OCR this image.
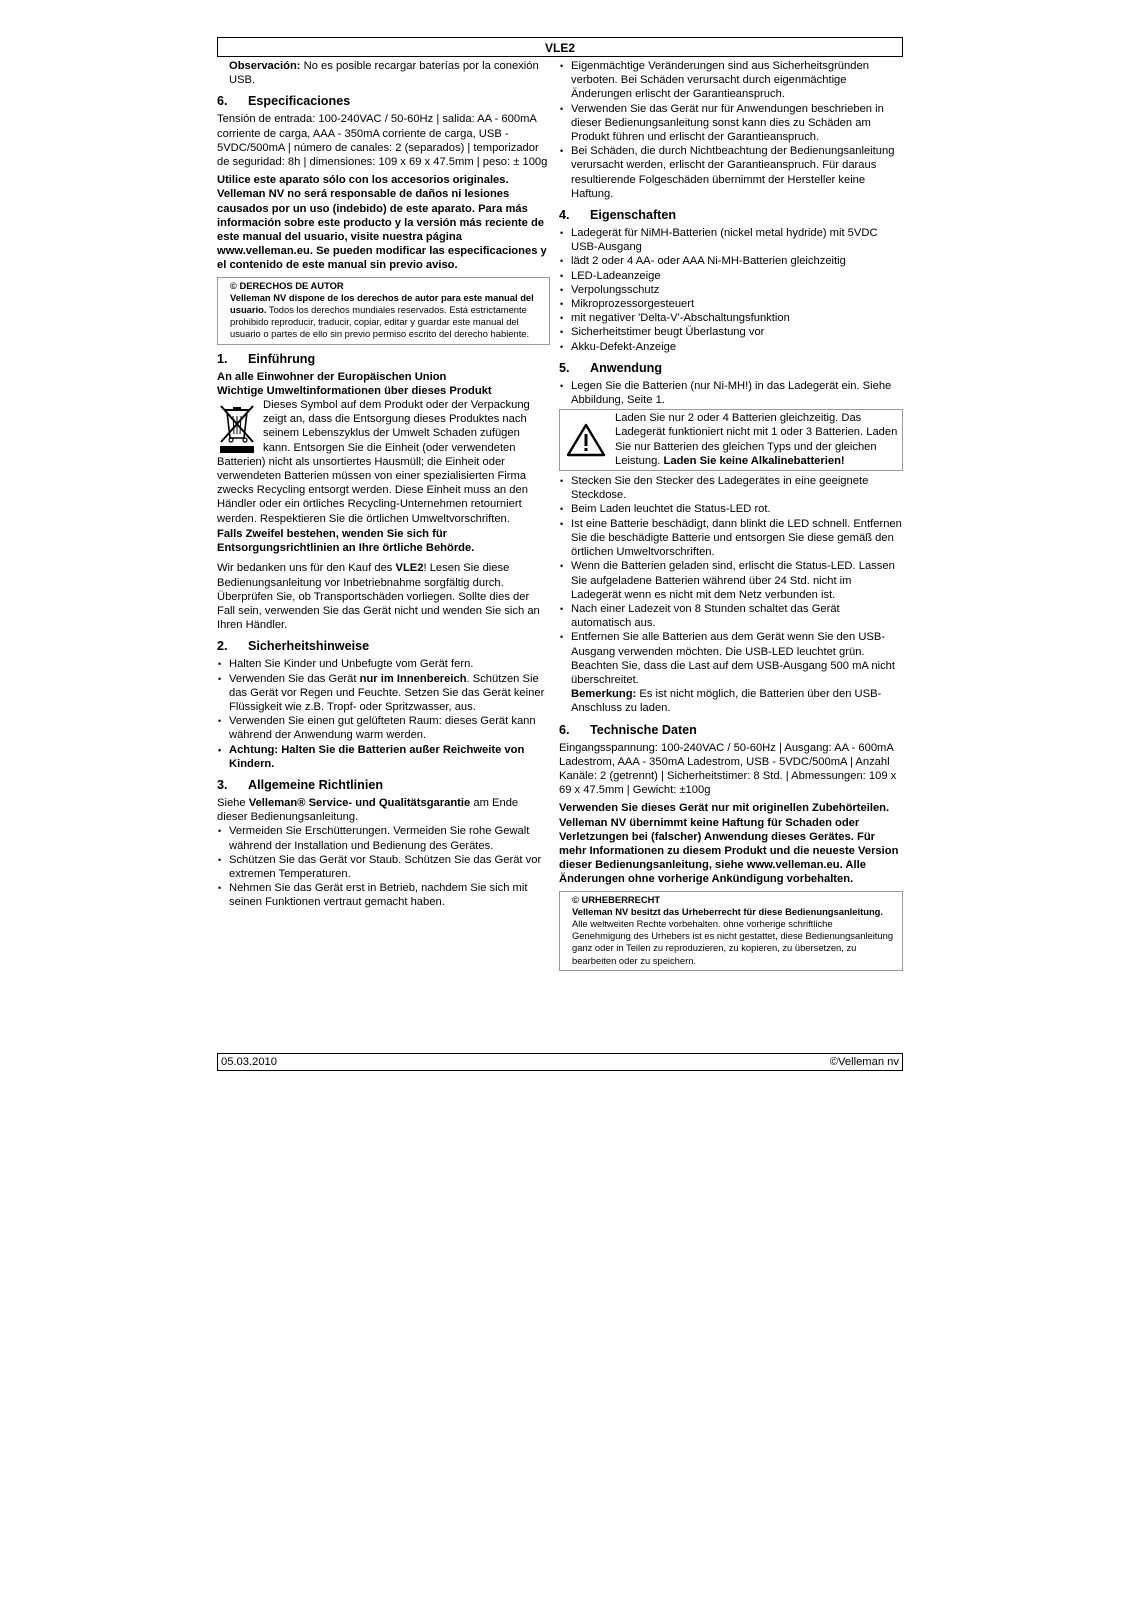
VLE2

Observación: No es posible recargar baterías por la conexión USB.

6. Especificaciones

Tensión de entrada: 100-240VAC / 50-60Hz | salida: AA - 600mA corriente de carga, AAA - 350mA corriente de carga, USB - 5VDC/500mA | número de canales: 2 (separados) | temporizador de seguridad: 8h | dimensiones: 109 x 69 x 47.5mm | peso: ± 100g

Utilice este aparato sólo con los accesorios originales. Velleman NV no será responsable de daños ni lesiones causados por un uso (indebido) de este aparato. Para más información sobre este producto y la versión más reciente de este manual del usuario, visite nuestra página www.velleman.eu. Se pueden modificar las especificaciones y el contenido de este manual sin previo aviso.

© DERECHOS DE AUTOR
Velleman NV dispone de los derechos de autor para este manual del usuario. Todos los derechos mundiales reservados. Está estrictamente prohibido reproducir, traducir, copiar, editar y guardar este manual del usuario o partes de ello sin previo permiso escrito del derecho habiente.
1. Einführung
An alle Einwohner der Europäischen Union
Wichtige Umweltinformationen über dieses Produkt
Dieses Symbol auf dem Produkt oder der Verpackung zeigt an, dass die Entsorgung dieses Produktes nach seinem Lebenszyklus der Umwelt Schaden zufügen kann. Entsorgen Sie die Einheit (oder verwendeten Batterien) nicht als unsortiertes Hausmüll; die Einheit oder verwendeten Batterien müssen von einer spezialisierten Firma zwecks Recycling entsorgt werden. Diese Einheit muss an den Händler oder ein örtliches Recycling-Unternehmen retourniert werden. Respektieren Sie die örtlichen Umweltvorschriften.

Falls Zweifel bestehen, wenden Sie sich für Entsorgungsrichtlinien an Ihre örtliche Behörde.

Wir bedanken uns für den Kauf des VLE2! Lesen Sie diese Bedienungsanleitung vor Inbetriebnahme sorgfältig durch. Überprüfen Sie, ob Transportschäden vorliegen. Sollte dies der Fall sein, verwenden Sie das Gerät nicht und wenden Sie sich an Ihren Händler.

2. Sicherheitshinweise
• Halten Sie Kinder und Unbefugte vom Gerät fern.
• Verwenden Sie das Gerät nur im Innenbereich. Schützen Sie das Gerät vor Regen und Feuchte. Setzen Sie das Gerät keiner Flüssigkeit wie z.B. Tropf- oder Spritzwasser, aus.
• Verwenden Sie einen gut gelüfteten Raum: dieses Gerät kann während der Anwendung warm werden.
• Achtung: Halten Sie die Batterien außer Reichweite von Kindern.
3. Allgemeine Richtlinien

Siehe Velleman® Service- und Qualitätsgarantie am Ende dieser Bedienungsanleitung.

• Vermeiden Sie Erschütterungen. Vermeiden Sie rohe Gewalt während der Installation und Bedienung des Gerätes.
• Schützen Sie das Gerät vor Staub. Schützen Sie das Gerät vor extremen Temperaturen.
• Nehmen Sie das Gerät erst in Betrieb, nachdem Sie sich mit seinen Funktionen vertraut gemacht haben.
• Eigenmächtige Veränderungen sind aus Sicherheitsgründen verboten. Bei Schäden verursacht durch eigenmächtige Änderungen erlischt der Garantieanspruch.
• Verwenden Sie das Gerät nur für Anwendungen beschrieben in dieser Bedienungsanleitung sonst kann dies zu Schäden am Produkt führen und erlischt der Garantieanspruch.
• Bei Schäden, die durch Nichtbeachtung der Bedienungsanleitung verursacht werden, erlischt der Garantieanspruch. Für daraus resultierende Folgeschäden übernimmt der Hersteller keine Haftung.
4. Eigenschaften
• Ladegerät für NiMH-Batterien (nickel metal hydride) mit 5VDC USB-Ausgang
• lädt 2 oder 4 AA- oder AAA Ni-MH-Batterien gleichzeitig
• LED-Ladeanzeige
• Verpolungsschutz
• Mikroprozessorgesteuert
• mit negativer 'Delta-V'-Abschaltungsfunktion
• Sicherheitstimer beugt Überlastung vor
• Akku-Defekt-Anzeige
5. Anwendung
• Legen Sie die Batterien (nur Ni-MH!) in das Ladegerät ein. Siehe Abbildung, Seite 1.
Laden Sie nur 2 oder 4 Batterien gleichzeitig. Das Ladegerät funktioniert nicht mit 1 oder 3 Batterien. Laden Sie nur Batterien des gleichen Typs und der gleichen Leistung. Laden Sie keine Alkalinebatterien!
• Stecken Sie den Stecker des Ladegerätes in eine geeignete Steckdose.
• Beim Laden leuchtet die Status-LED rot.
• Ist eine Batterie beschädigt, dann blinkt die LED schnell. Entfernen Sie die beschädigte Batterie und entsorgen Sie diese gemäß den örtlichen Umweltvorschriften.
• Wenn die Batterien geladen sind, erlischt die Status-LED. Lassen Sie aufgeladene Batterien während über 24 Std. nicht im Ladegerät wenn es nicht mit dem Netz verbunden ist.
• Nach einer Ladezeit von 8 Stunden schaltet das Gerät automatisch aus.
• Entfernen Sie alle Batterien aus dem Gerät wenn Sie den USB-Ausgang verwenden möchten. Die USB-LED leuchtet grün. Beachten Sie, dass die Last auf dem USB-Ausgang 500 mA nicht überschreitet.
Bemerkung: Es ist nicht möglich, die Batterien über den USB-Anschluss zu laden.
6. Technische Daten

Eingangsspannung: 100-240VAC / 50-60Hz | Ausgang: AA - 600mA Ladestrom, AAA - 350mA Ladestrom, USB - 5VDC/500mA | Anzahl Kanäle: 2 (getrennt) | Sicherheitstimer: 8 Std. | Abmessungen: 109 x 69 x 47.5mm | Gewicht: ±100g

Verwenden Sie dieses Gerät nur mit originellen Zubehörteilen. Velleman NV übernimmt keine Haftung für Schaden oder Verletzungen bei (falscher) Anwendung dieses Gerätes. Für mehr Informationen zu diesem Produkt und die neueste Version dieser Bedienungsanleitung, siehe www.velleman.eu. Alle Änderungen ohne vorherige Ankündigung vorbehalten.

© URHEBERRECHT
Velleman NV besitzt das Urheberrecht für diese Bedienungsanleitung.
Alle weltweiten Rechte vorbehalten. ohne vorherige schriftliche Genehmigung des Urhebers ist es nicht gestattet, diese Bedienungsanleitung ganz oder in Teilen zu reproduzieren, zu kopieren, zu übersetzen, zu bearbeiten oder zu speichern.
05.03.2010	©Velleman nv
